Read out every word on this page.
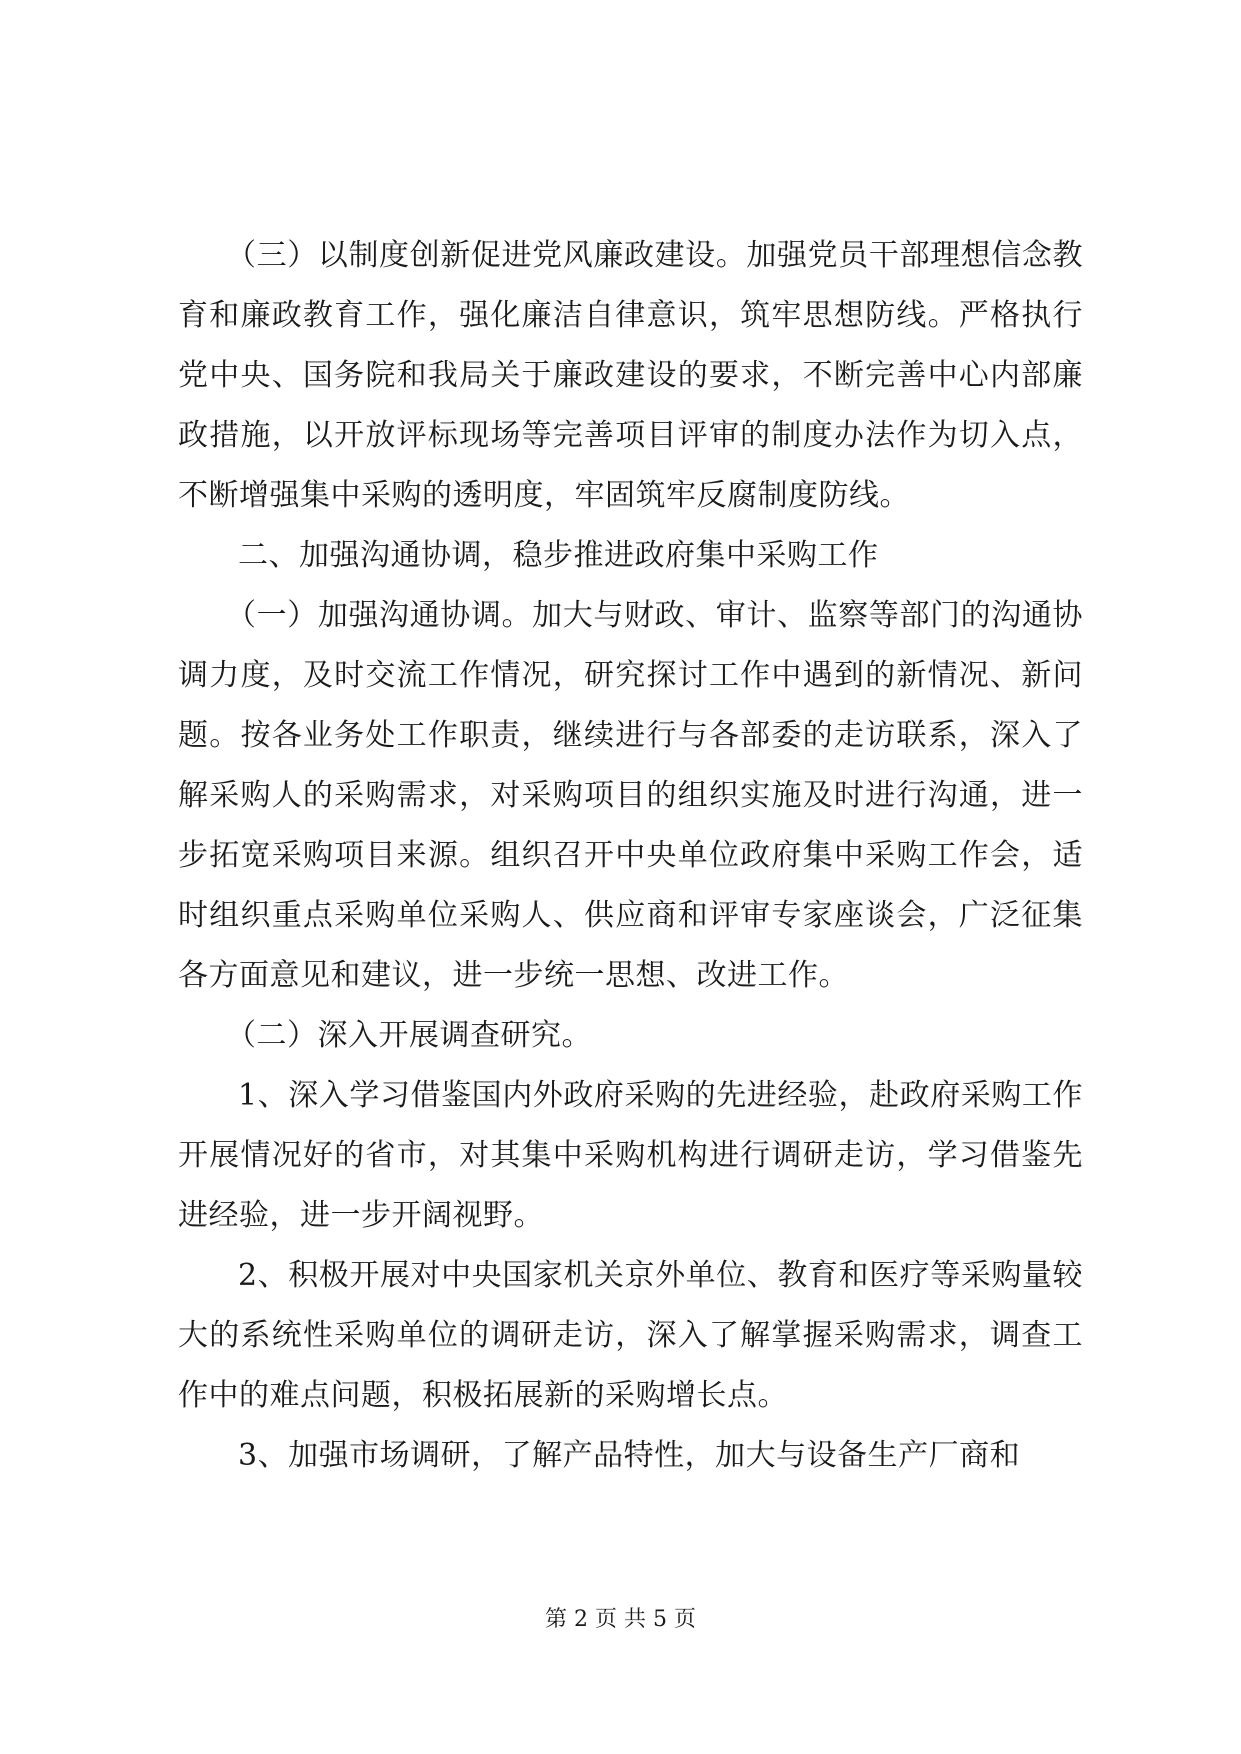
（三）以制度创新促进党风廉政建设。加强党员干部理想信念教育和廉政教育工作，强化廉洁自律意识，筑牢思想防线。严格执行党中央、国务院和我局关于廉政建设的要求，不断完善中心内部廉政措施，以开放评标现场等完善项目评审的制度办法作为切入点，不断增强集中采购的透明度，牢固筑牢反腐制度防线。

二、加强沟通协调，稳步推进政府集中采购工作

（一）加强沟通协调。加大与财政、审计、监察等部门的沟通协调力度，及时交流工作情况，研究探讨工作中遇到的新情况、新问题。按各业务处工作职责，继续进行与各部委的走访联系，深入了解采购人的采购需求，对采购项目的组织实施及时进行沟通，进一步拓宽采购项目来源。组织召开中央单位政府集中采购工作会，适时组织重点采购单位采购人、供应商和评审专家座谈会，广泛征集各方面意见和建议，进一步统一思想、改进工作。

（二）深入开展调查研究。

1、深入学习借鉴国内外政府采购的先进经验，赴政府采购工作开展情况好的省市，对其集中采购机构进行调研走访，学习借鉴先进经验，进一步开阔视野。

2、积极开展对中央国家机关京外单位、教育和医疗等采购量较大的系统性采购单位的调研走访，深入了解掌握采购需求，调查工作中的难点问题，积极拓展新的采购增长点。

3、加强市场调研，了解产品特性，加大与设备生产厂商和

第 2 页 共 5 页
